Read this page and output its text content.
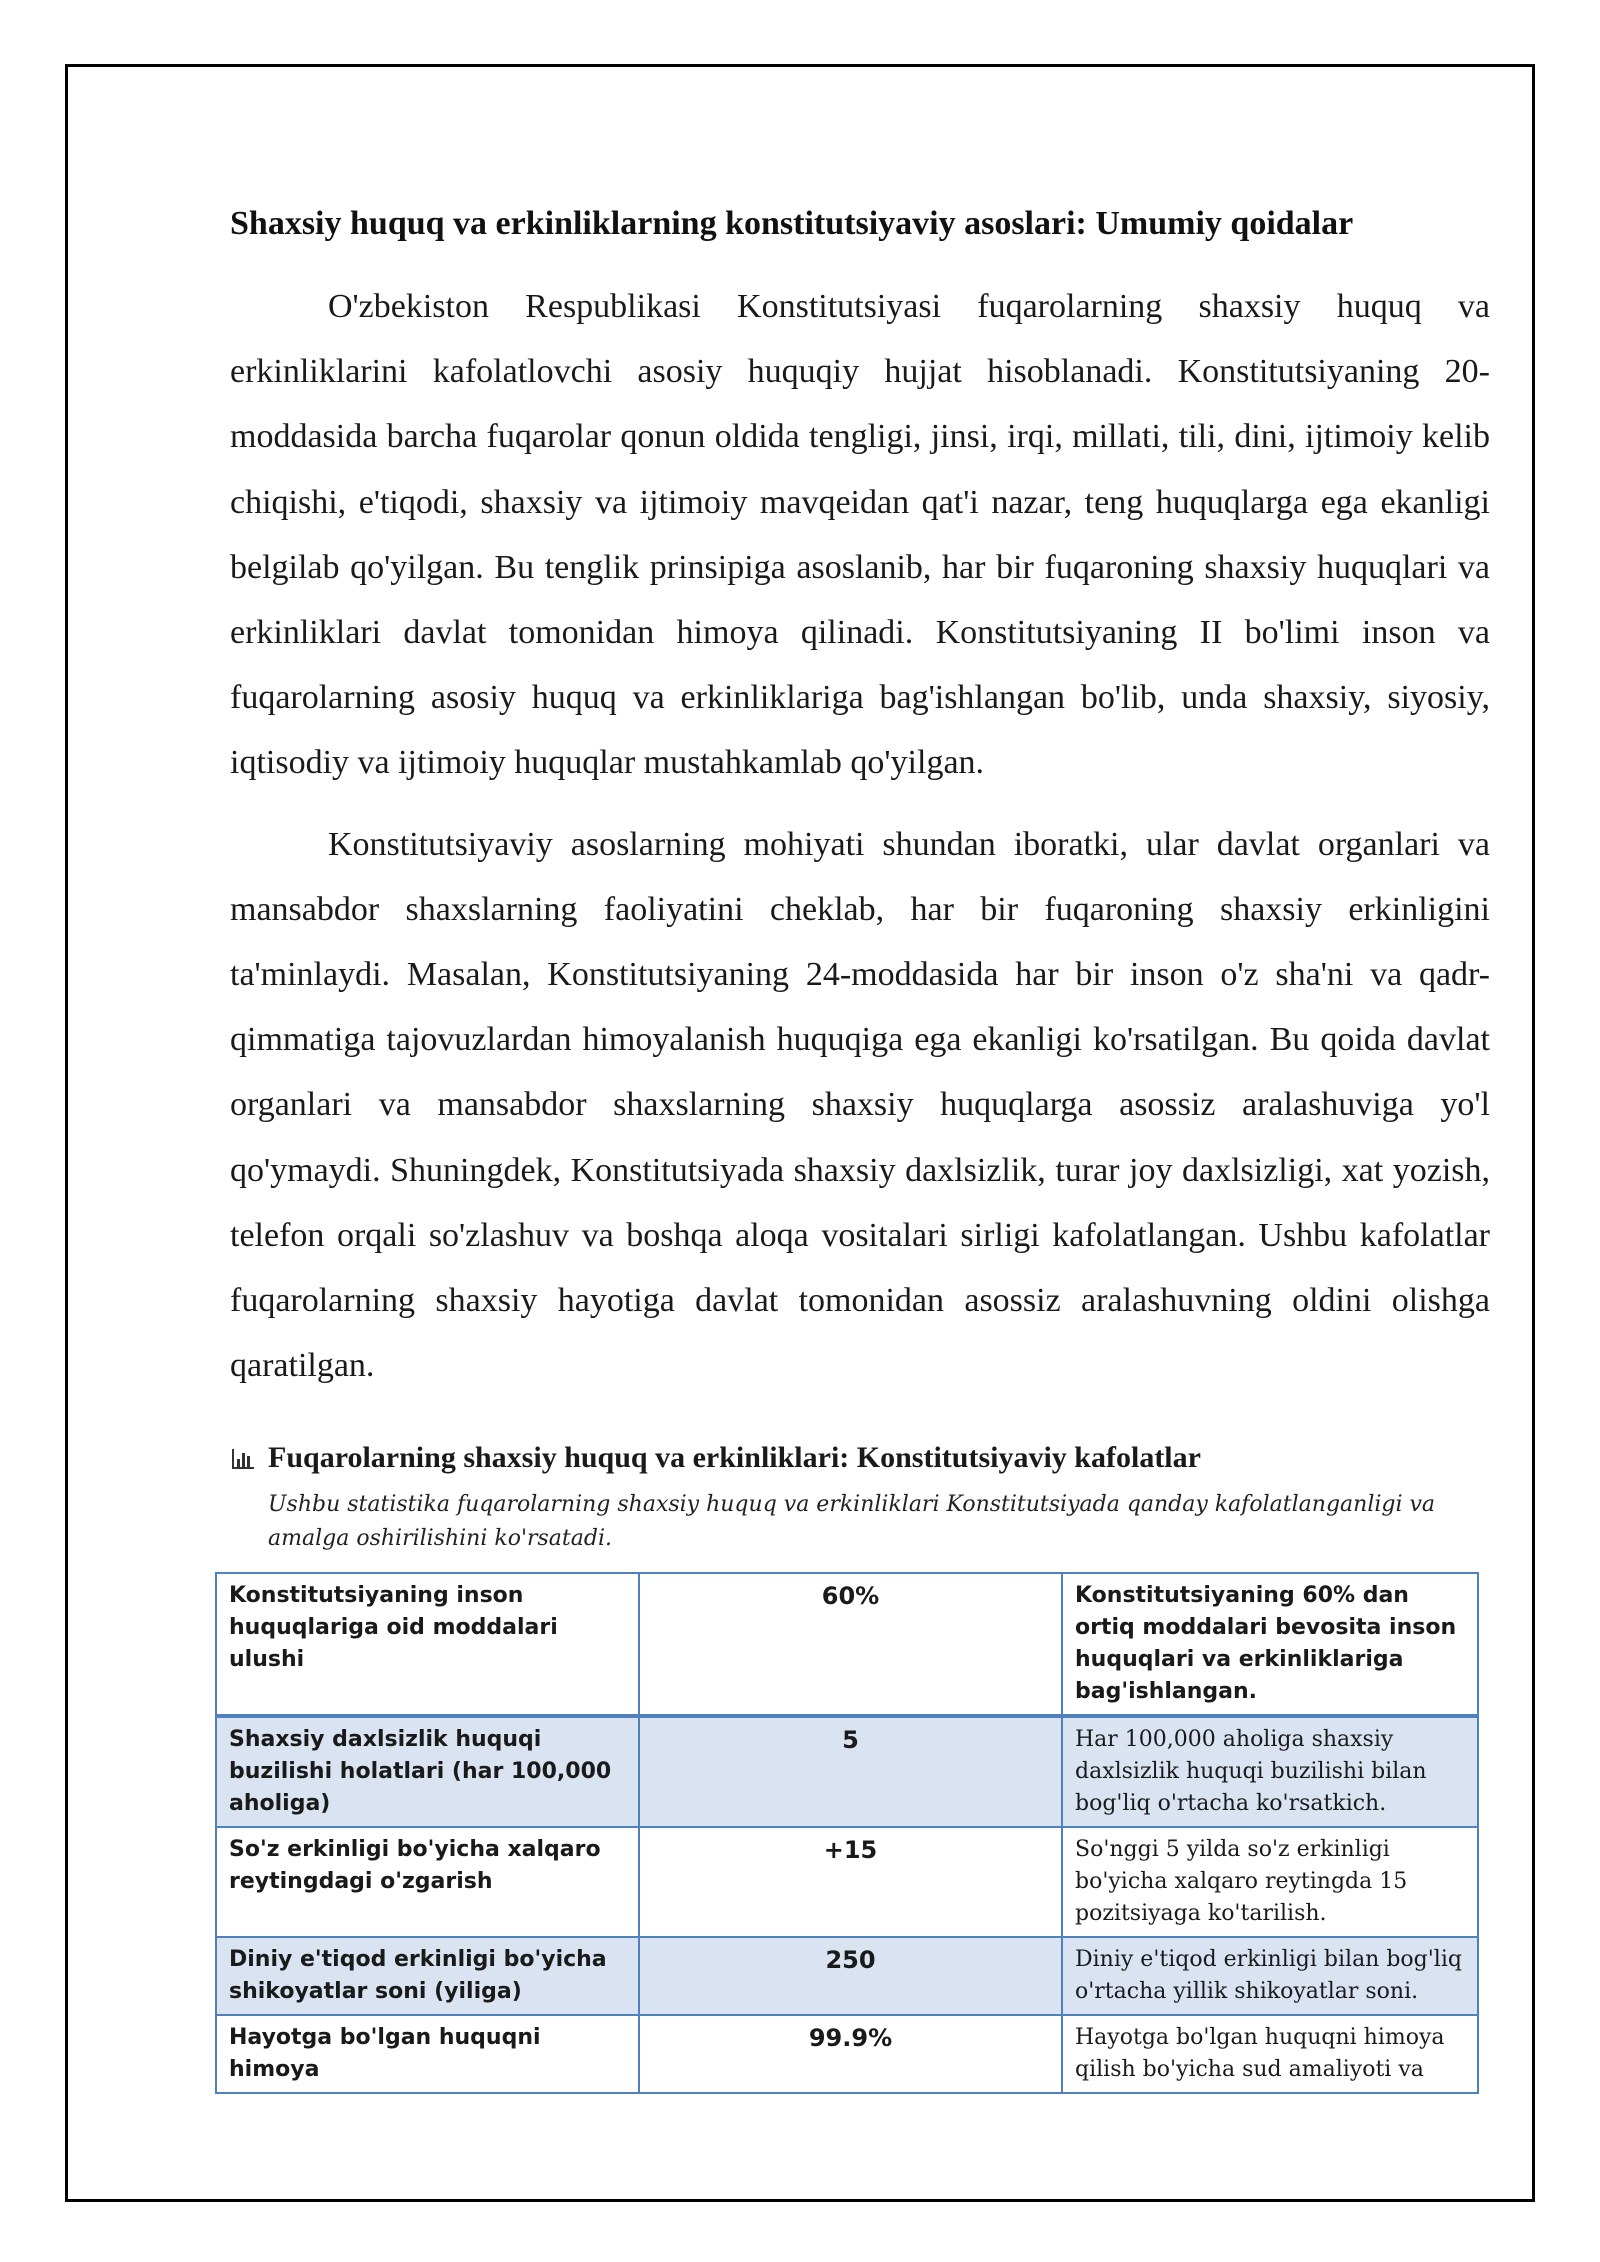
Shaxsiy huquq va erkinliklarning konstitutsiyaviy asoslari: Umumiy qoidalar

O'zbekiston Respublikasi Konstitutsiyasi fuqarolarning shaxsiy huquq va erkinliklarini kafolatlovchi asosiy huquqiy hujjat hisoblanadi. Konstitutsiyaning 20-moddasida barcha fuqarolar qonun oldida tengligi, jinsi, irqi, millati, tili, dini, ijtimoiy kelib chiqishi, e'tiqodi, shaxsiy va ijtimoiy mavqeidan qat'i nazar, teng huquqlarga ega ekanligi belgilab qo'yilgan. Bu tenglik prinsipiga asoslanib, har bir fuqaroning shaxsiy huquqlari va erkinliklari davlat tomonidan himoya qilinadi. Konstitutsiyaning II bo'limi inson va fuqarolarning asosiy huquq va erkinliklariga bag'ishlangan bo'lib, unda shaxsiy, siyosiy, iqtisodiy va ijtimoiy huquqlar mustahkamlab qo'yilgan.

Konstitutsiyaviy asoslarning mohiyati shundan iboratki, ular davlat organlari va mansabdor shaxslarning faoliyatini cheklab, har bir fuqaroning shaxsiy erkinligini ta'minlaydi. Masalan, Konstitutsiyaning 24-moddasida har bir inson o'z sha'ni va qadr-qimmatiga tajovuzlardan himoyalanish huquqiga ega ekanligi ko'rsatilgan. Bu qoida davlat organlari va mansabdor shaxslarning shaxsiy huquqlarga asossiz aralashuviga yo'l qo'ymaydi. Shuningdek, Konstitutsiyada shaxsiy daxlsizlik, turar joy daxlsizligi, xat yozish, telefon orqali so'zlashuv va boshqa aloqa vositalari sirligi kafolatlangan. Ushbu kafolatlar fuqarolarning shaxsiy hayotiga davlat tomonidan asossiz aralashuvning oldini olishga qaratilgan.

Fuqarolarning shaxsiy huquq va erkinliklari: Konstitutsiyaviy kafolatlar
Ushbu statistika fuqarolarning shaxsiy huquq va erkinliklari Konstitutsiyada qanday kafolatlanganligi va amalga oshirilishini ko'rsatadi.
Konstitutsiyaning inson huquqlariga oid moddalari ulushi	60%	Konstitutsiyaning 60% dan ortiq moddalari bevosita inson huquqlari va erkinliklariga bag'ishlangan.
Shaxsiy daxlsizlik huquqi buzilishi holatlari (har 100,000 aholiga)	5	Har 100,000 aholiga shaxsiy daxlsizlik huquqi buzilishi bilan bog'liq o'rtacha ko'rsatkich.
So'z erkinligi bo'yicha xalqaro reytingdagi o'zgarish	+15	So'nggi 5 yilda so'z erkinligi bo'yicha xalqaro reytingda 15 pozitsiyaga ko'tarilish.
Diniy e'tiqod erkinligi bo'yicha shikoyatlar soni (yiliga)	250	Diniy e'tiqod erkinligi bilan bog'liq o'rtacha yillik shikoyatlar soni.
Hayotga bo'lgan huquqni himoya	99.9%	Hayotga bo'lgan huquqni himoya qilish bo'yicha sud amaliyoti va
